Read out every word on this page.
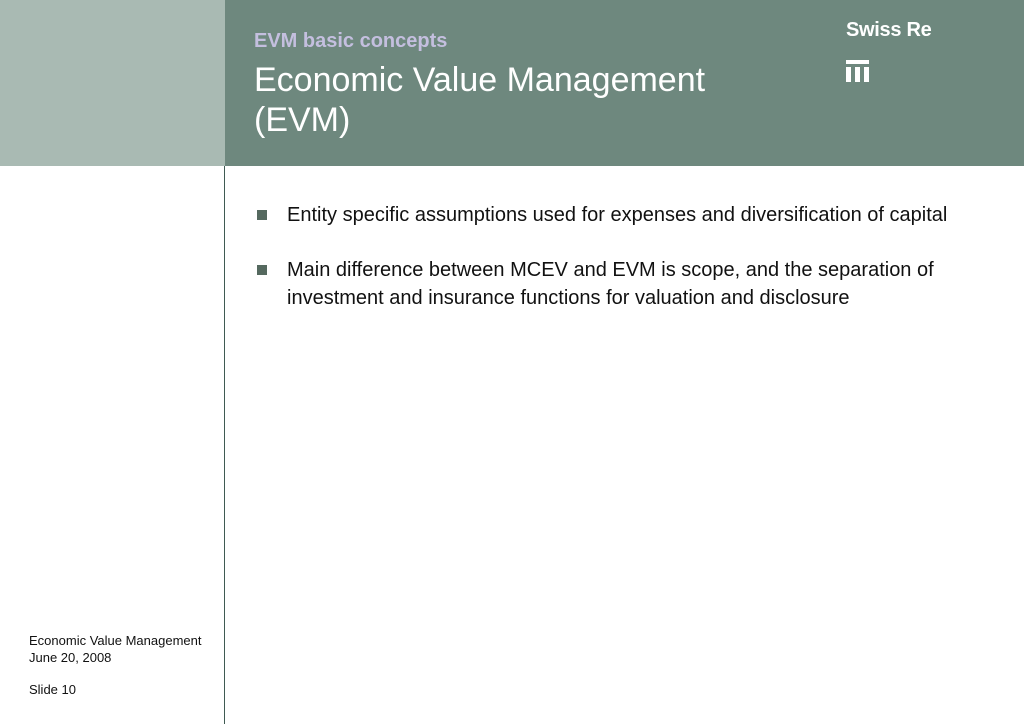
EVM basic concepts
Economic Value Management (EVM)
Swiss Re
Entity specific assumptions used for expenses and diversification of capital
Main difference between MCEV and EVM is scope, and the separation of investment and insurance functions for valuation and disclosure
Economic Value Management
June 20, 2008
Slide 10
